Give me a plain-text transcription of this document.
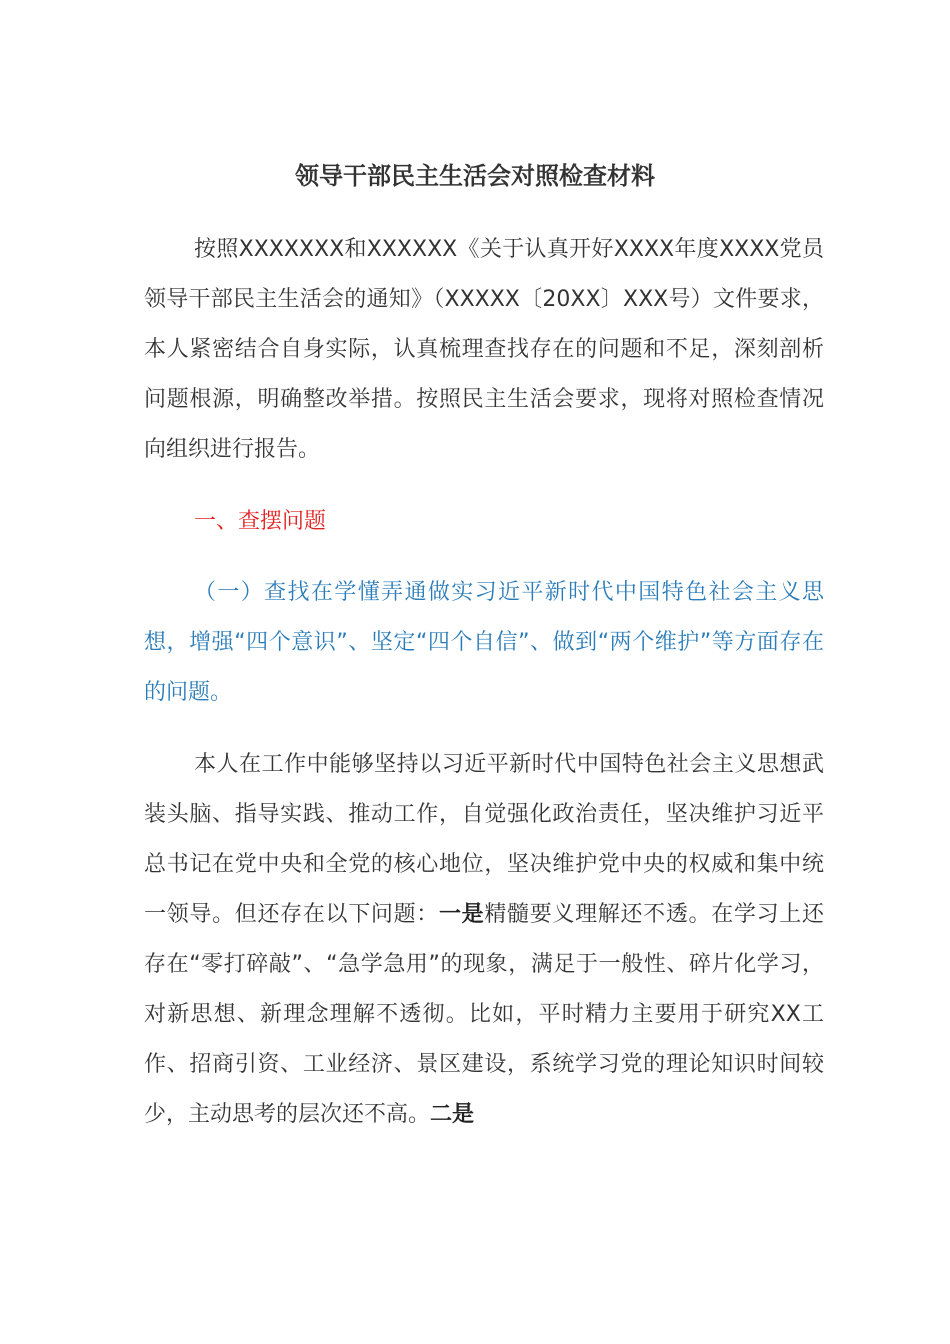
领导干部民主生活会对照检查材料

按照XXXXXXX和XXXXXX《关于认真开好XXXX年度XXXX党员领导干部民主生活会的通知》（XXXXX〔20XX〕XXX号）文件要求，本人紧密结合自身实际，认真梳理查找存在的问题和不足，深刻剖析问题根源，明确整改举措。按照民主生活会要求，现将对照检查情况向组织进行报告。

一、查摆问题

（一）查找在学懂弄通做实习近平新时代中国特色社会主义思想，增强“四个意识”、坚定“四个自信”、做到“两个维护”等方面存在的问题。

本人在工作中能够坚持以习近平新时代中国特色社会主义思想武装头脑、指导实践、推动工作，自觉强化政治责任，坚决维护习近平总书记在党中央和全党的核心地位，坚决维护党中央的权威和集中统一领导。但还存在以下问题：一是精髓要义理解还不透。在学习上还存在“零打碎敲”、“急学急用”的现象，满足于一般性、碎片化学习，对新思想、新理念理解不透彻。比如，平时精力主要用于研究XX工作、招商引资、工业经济、景区建设，系统学习党的理论知识时间较少，主动思考的层次还不高。二是
